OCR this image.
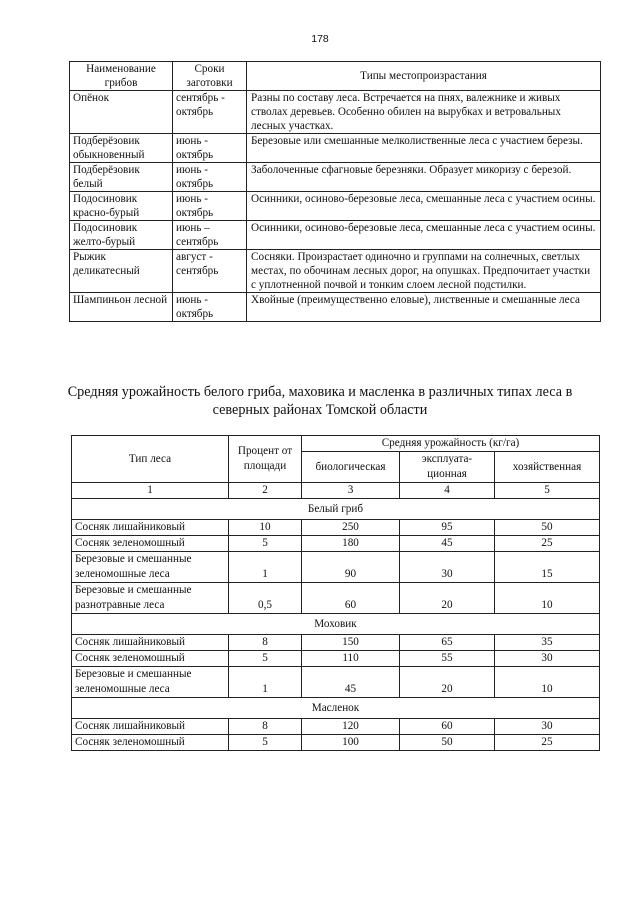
178
Наименование грибов	Сроки заготовки	Типы местопроизрастания
Опёнок	сентябрь - октябрь	Разны по составу леса. Встречается на пнях, валежнике и живых стволах деревьев. Особенно обилен на вырубках и ветровальных лесных участках.
Подберёзовик обыкновенный	июнь - октябрь	Березовые или смешанные мелколиственные леса с участием березы.
Подберёзовик белый	июнь - октябрь	Заболоченные сфагновые березняки. Образует микоризу с березой.
Подосиновик красно-бурый	июнь - октябрь	Осинники, осиново-березовые леса, смешанные леса с участием осины.
Подосиновик желто-бурый	июнь – сентябрь	Осинники, осиново-березовые леса, смешанные леса с участием осины.
Рыжик деликатесный	август - сентябрь	Сосняки. Произрастает одиночно и группами на солнечных, светлых местах, по обочинам лесных дорог, на опушках. Предпочитает участки с уплотненной почвой и тонким слоем лесной подстилки.
Шампиньон лесной	июнь - октябрь	Хвойные (преимущественно еловые), лиственные и смешанные леса
Средняя урожайность белого гриба, маховика и масленка в различных типах леса в северных районах Томской области
Тип леса	Процент от площади	Средняя урожайность (кг/га)		
		биологическая	эксплуата-ционная	хозяйственная
1	2	3	4	5
Белый гриб				
Сосняк лишайниковый	10	250	95	50
Сосняк зеленомошный	5	180	45	25
Березовые и смешанные зеленомошные леса	1	90	30	15
Березовые и смешанные разнотравные леса	0,5	60	20	10
Моховик				
Сосняк лишайниковый	8	150	65	35
Сосняк зеленомошный	5	110	55	30
Березовые и смешанные зеленомошные леса	1	45	20	10
Масленок				
Сосняк лишайниковый	8	120	60	30
Сосняк зеленомошный	5	100	50	25
